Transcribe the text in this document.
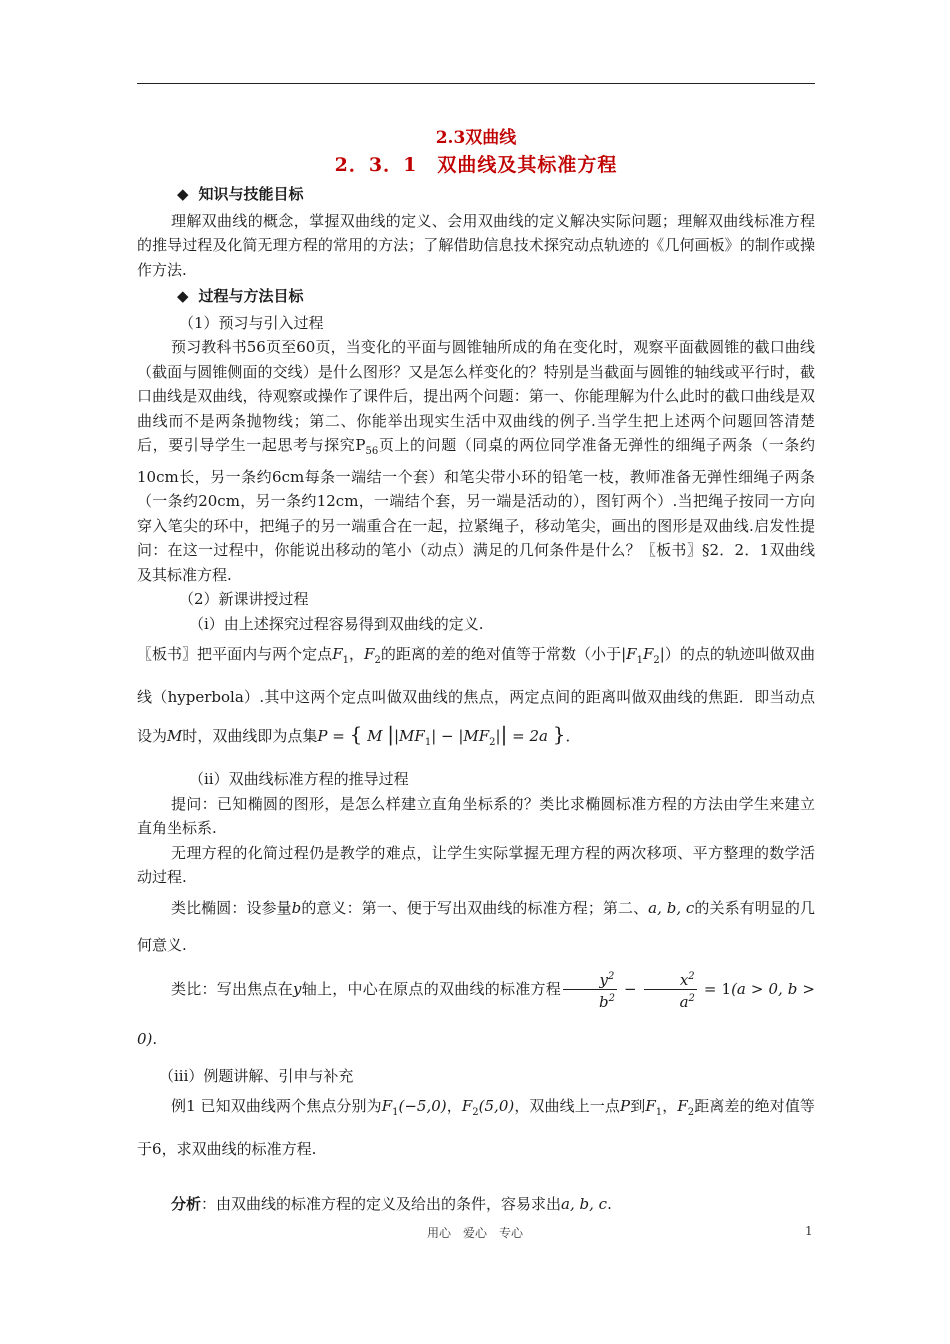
2.3双曲线
2．3．1　双曲线及其标准方程
◆ 知识与技能目标

理解双曲线的概念，掌握双曲线的定义、会用双曲线的定义解决实际问题；理解双曲线标准方程的推导过程及化简无理方程的常用的方法；了解借助信息技术探究动点轨迹的《几何画板》的制作或操作方法.

◆ 过程与方法目标

（1）预习与引入过程

预习教科书56页至60页，当变化的平面与圆锥轴所成的角在变化时，观察平面截圆锥的截口曲线（截面与圆锥侧面的交线）是什么图形？又是怎么样变化的？特别是当截面与圆锥的轴线或平行时，截口曲线是双曲线，待观察或操作了课件后，提出两个问题：第一、你能理解为什么此时的截口曲线是双曲线而不是两条抛物线；第二、你能举出现实生活中双曲线的例子.当学生把上述两个问题回答清楚后，要引导学生一起思考与探究$P_{56}$页上的问题（同桌的两位同学准备无弹性的细绳子两条（一条约10cm长，另一条约6cm每条一端结一个套）和笔尖带小环的铅笔一枝，教师准备无弹性细绳子两条（一条约20cm，另一条约12cm，一端结个套，另一端是活动的），图钉两个）.当把绳子按同一方向穿入笔尖的环中，把绳子的另一端重合在一起，拉紧绳子，移动笔尖，画出的图形是双曲线.启发性提问：在这一过程中，你能说出移动的笔小（动点）满足的几何条件是什么？〖板书〗§2．2．1双曲线及其标准方程.

（2）新课讲授过程

（i）由上述探究过程容易得到双曲线的定义.

〖板书〗把平面内与两个定点$F_1$，$F_2$的距离的差的绝对值等于常数（小于$|F_1F_2|$）的点的轨迹叫做双曲线（hyperbola）.其中这两个定点叫做双曲线的焦点，两定点间的距离叫做双曲线的焦距．即当动点设为M时，双曲线即为点集P = { M $||MF_1| - |MF_2|| = 2a$ }．

（ii）双曲线标准方程的推导过程

提问：已知椭圆的图形，是怎么样建立直角坐标系的？类比求椭圆标准方程的方法由学生来建立直角坐标系.

无理方程的化简过程仍是教学的难点，让学生实际掌握无理方程的两次移项、平方整理的数学活动过程.

类比椭圆：设参量b的意义：第一、便于写出双曲线的标准方程；第二、a, b, c的关系有明显的几何意义.

类比：写出焦点在y轴上，中心在原点的双曲线的标准方程 $\frac{y^2}{b^2} - \frac{x^2}{a^2} = 1(a > 0$, b > 0).

（iii）例题讲解、引申与补充

例1 已知双曲线两个焦点分别为$F_1(-5,0)$，$F_2(5,0)$，双曲线上一点P到$F_1$，$F_2$距离差的绝对值等于6，求双曲线的标准方程.

分析：由双曲线的标准方程的定义及给出的条件，容易求出a, b, c.

用心　爱心　专心	1
